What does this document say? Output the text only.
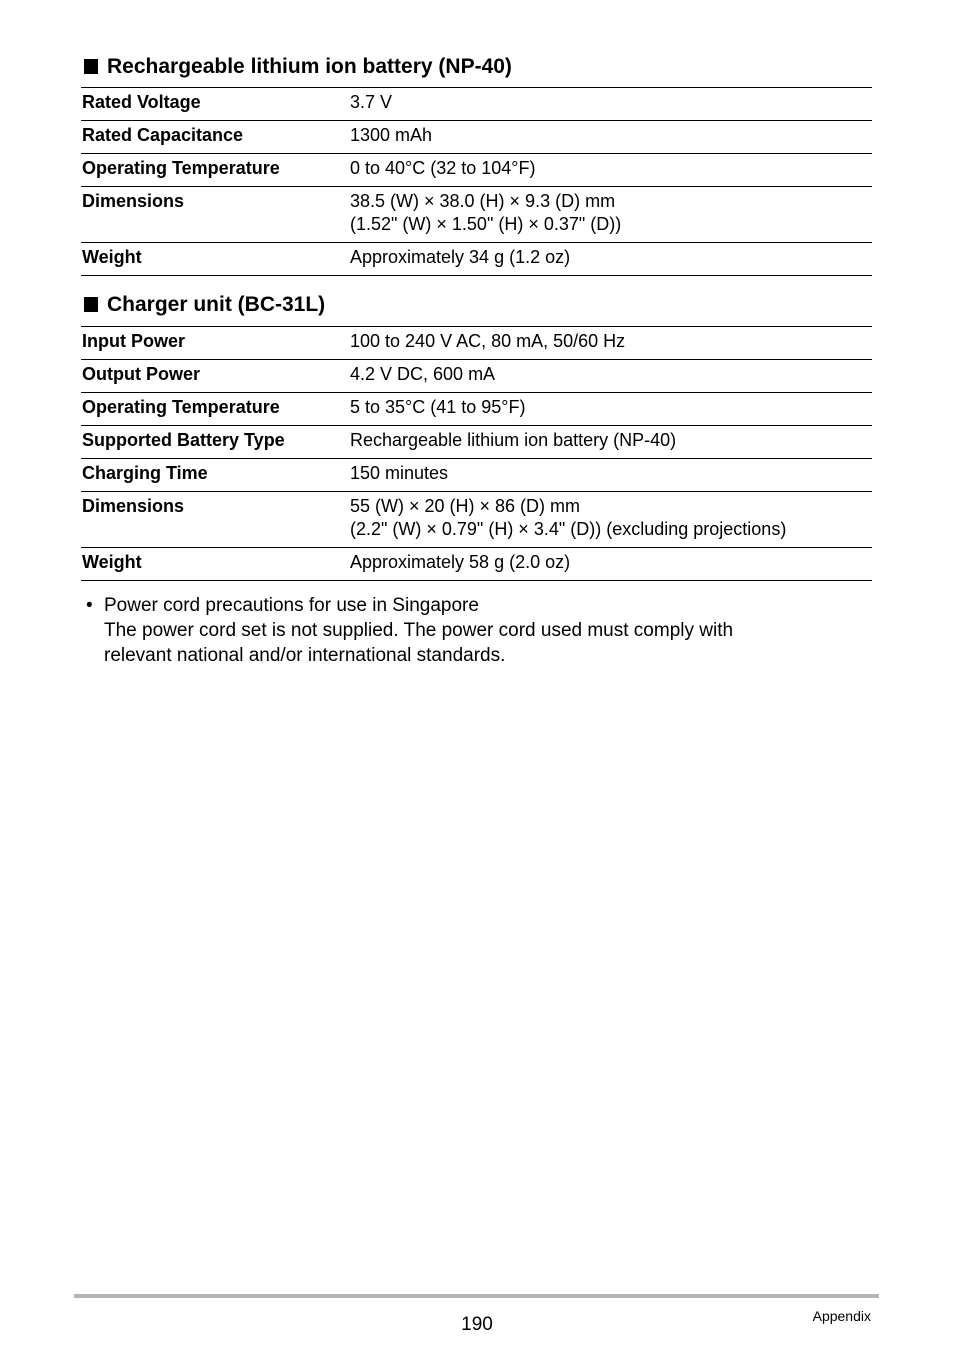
Rechargeable lithium ion battery (NP-40)
Rated Voltage	3.7 V

Rated Capacitance	1300 mAh

Operating Temperature	0 to 40°C (32 to 104°F)

Dimensions	38.5 (W) × 38.0 (H) × 9.3 (D) mm
(1.52" (W) × 1.50" (H) × 0.37" (D))

Weight	Approximately 34 g (1.2 oz)
Charger unit (BC-31L)
Input Power	100 to 240 V AC, 80 mA, 50/60 Hz

Output Power	4.2 V DC, 600 mA

Operating Temperature	5 to 35°C (41 to 95°F)

Supported Battery Type	Rechargeable lithium ion battery (NP-40)

Charging Time	150 minutes

Dimensions	55 (W) × 20 (H) × 86 (D) mm
(2.2" (W) × 0.79" (H) × 3.4" (D)) (excluding projections)

Weight	Approximately 58 g (2.0 oz)
• Power cord precautions for use in Singapore
The power cord set is not supplied. The power cord used must comply with
relevant national and/or international standards.
190	Appendix
